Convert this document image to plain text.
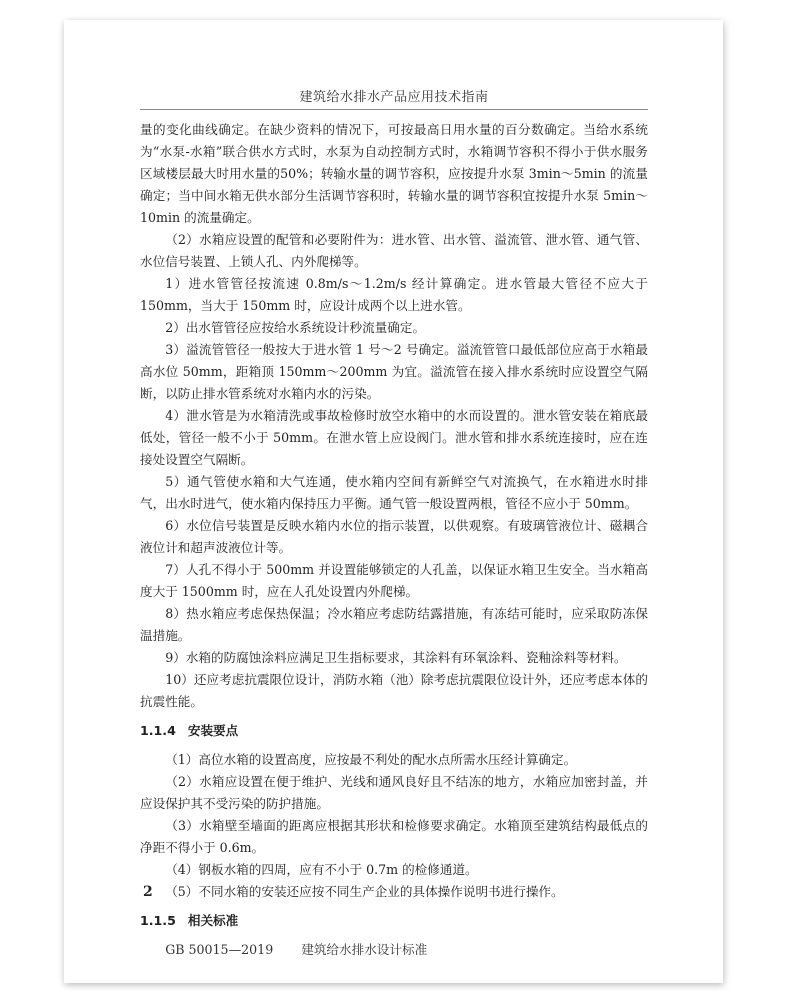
建筑给水排水产品应用技术指南

量的变化曲线确定。在缺少资料的情况下，可按最高日用水量的百分数确定。当给水系统为“水泵-水箱”联合供水方式时，水泵为自动控制方式时，水箱调节容积不得小于供水服务区域楼层最大时用水量的50%；转输水量的调节容积，应按提升水泵 3min～5min 的流量确定；当中间水箱无供水部分生活调节容积时，转输水量的调节容积宜按提升水泵 5min～10min 的流量确定。

（2）水箱应设置的配管和必要附件为：进水管、出水管、溢流管、泄水管、通气管、水位信号装置、上锁人孔、内外爬梯等。

1）进水管管径按流速 0.8m/s～1.2m/s 经计算确定。进水管最大管径不应大于 150mm，当大于 150mm 时，应设计成两个以上进水管。

2）出水管管径应按给水系统设计秒流量确定。

3）溢流管管径一般按大于进水管 1 号～2 号确定。溢流管管口最低部位应高于水箱最高水位 50mm，距箱顶 150mm～200mm 为宜。溢流管在接入排水系统时应设置空气隔断，以防止排水管系统对水箱内水的污染。

4）泄水管是为水箱清洗或事故检修时放空水箱中的水而设置的。泄水管安装在箱底最低处，管径一般不小于 50mm。在泄水管上应设阀门。泄水管和排水系统连接时，应在连接处设置空气隔断。

5）通气管使水箱和大气连通，使水箱内空间有新鲜空气对流换气，在水箱进水时排气，出水时进气，使水箱内保持压力平衡。通气管一般设置两根，管径不应小于 50mm。

6）水位信号装置是反映水箱内水位的指示装置，以供观察。有玻璃管液位计、磁耦合液位计和超声波液位计等。

7）人孔不得小于 500mm 并设置能够锁定的人孔盖，以保证水箱卫生安全。当水箱高度大于 1500mm 时，应在人孔处设置内外爬梯。

8）热水箱应考虑保热保温；冷水箱应考虑防结露措施，有冻结可能时，应采取防冻保温措施。

9）水箱的防腐蚀涂料应满足卫生指标要求，其涂料有环氧涂料、瓷釉涂料等材料。

10）还应考虑抗震限位设计，消防水箱（池）除考虑抗震限位设计外，还应考虑本体的抗震性能。

1.1.4 安装要点

（1）高位水箱的设置高度，应按最不利处的配水点所需水压经计算确定。

（2）水箱应设置在便于维护、光线和通风良好且不结冻的地方，水箱应加密封盖，并应设保护其不受污染的防护措施。

（3）水箱壁至墙面的距离应根据其形状和检修要求确定。水箱顶至建筑结构最低点的净距不得小于 0.6m。

（4）钢板水箱的四周，应有不小于 0.7m 的检修通道。

（5）不同水箱的安装还应按不同生产企业的具体操作说明书进行操作。

1.1.5 相关标准

GB 50015—2019 建筑给水排水设计标准

2
